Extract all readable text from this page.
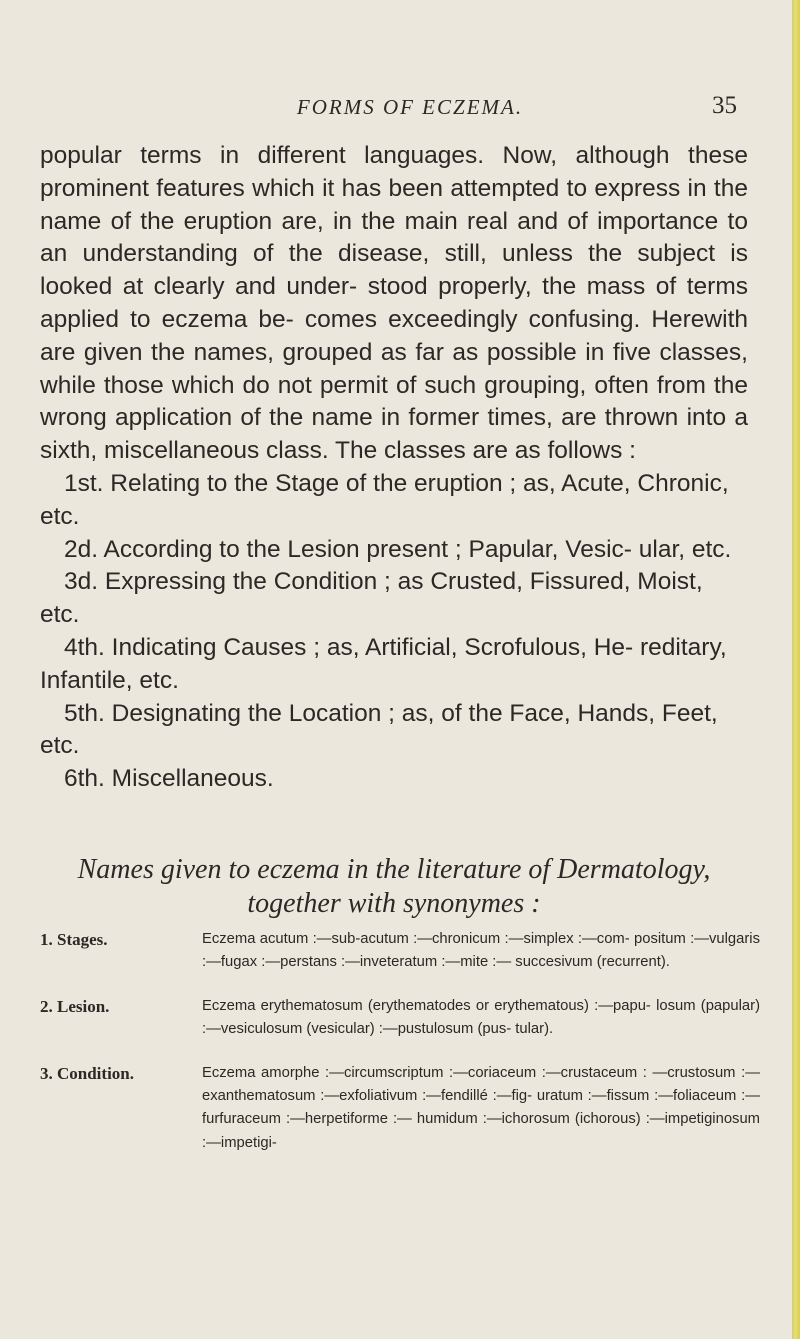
FORMS OF ECZEMA.	35

popular terms in different languages. Now, although these prominent features which it has been attempted to express in the name of the eruption are, in the main real and of importance to an understanding of the disease, still, unless the subject is looked at clearly and under- stood properly, the mass of terms applied to eczema be- comes exceedingly confusing. Herewith are given the names, grouped as far as possible in five classes, while those which do not permit of such grouping, often from the wrong application of the name in former times, are thrown into a sixth, miscellaneous class. The classes are as follows :

1st. Relating to the Stage of the eruption ; as, Acute, Chronic, etc.

2d. According to the Lesion present ; Papular, Vesic- ular, etc.

3d. Expressing the Condition ; as Crusted, Fissured, Moist, etc.

4th. Indicating Causes ; as, Artificial, Scrofulous, He- reditary, Infantile, etc.

5th. Designating the Location ; as, of the Face, Hands, Feet, etc.

6th. Miscellaneous.

Names given to eczema in the literature of Dermatology,
together with synonymes :
1. Stages.	Eczema acutum :—sub-acutum :—chronicum :—simplex :—com- positum :—vulgaris :—fugax :—perstans :—inveteratum :—mite :— succesivum (recurrent).
2. Lesion.	Eczema erythematosum (erythematodes or erythematous) :—papu- losum (papular) :—vesiculosum (vesicular) :—pustulosum (pus- tular).
3. Condition.	Eczema amorphe :—circumscriptum :—coriaceum :—crustaceum : —crustosum :—exanthematosum :—exfoliativum :—fendillé :—fig- uratum :—fissum :—foliaceum :—furfuraceum :—herpetiforme :— humidum :—ichorosum (ichorous) :—impetiginosum :—impetigi-
